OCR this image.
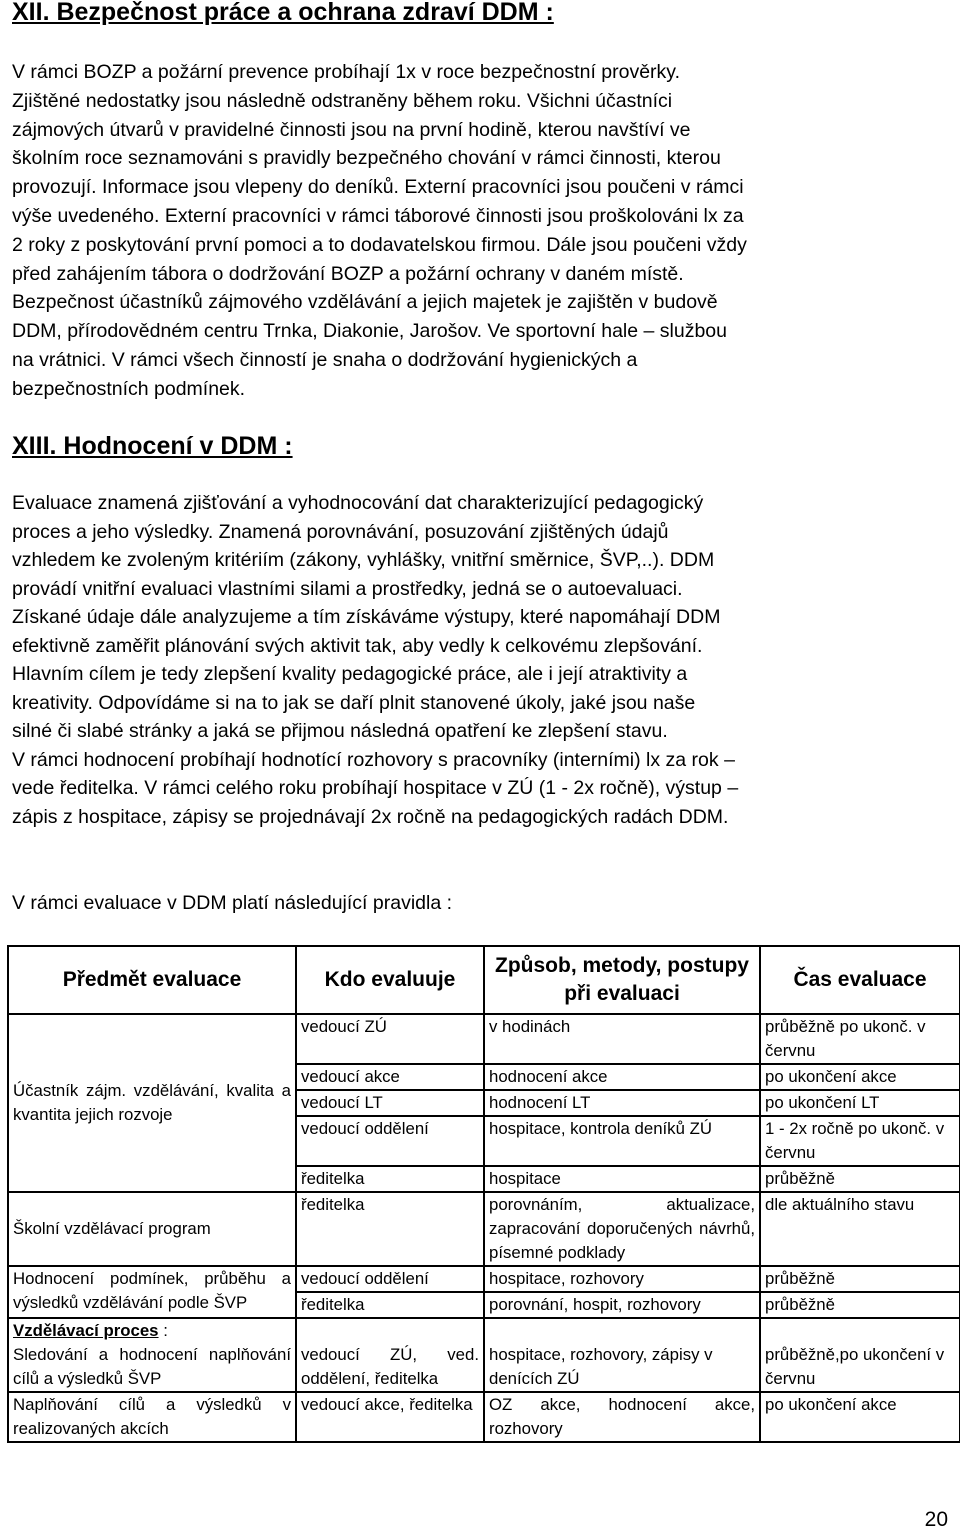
XII. Bezpečnost práce a ochrana zdraví DDM :
V rámci BOZP a požární prevence probíhají 1x v roce bezpečnostní prověrky.
Zjištěné nedostatky jsou následně odstraněny během roku. Všichni účastníci
zájmových útvarů v pravidelné činnosti jsou na první hodině, kterou navštíví ve
školním roce seznamováni s pravidly bezpečného chování v rámci činnosti, kterou
provozují. Informace jsou vlepeny do deníků. Externí pracovníci jsou poučeni v rámci
výše uvedeného. Externí pracovníci v rámci táborové činnosti jsou proškolováni lx za
2 roky z poskytování první pomoci a to dodavatelskou firmou. Dále jsou poučeni vždy
před zahájením tábora o dodržování BOZP a požární ochrany v daném místě.
Bezpečnost účastníků zájmového vzdělávání a jejich majetek je zajištěn v budově
DDM, přírodovědném centru Trnka, Diakonie, Jarošov. Ve sportovní hale – službou
na vrátnici. V rámci všech činností je snaha o dodržování hygienických a
bezpečnostních podmínek.
XIII. Hodnocení v DDM :
Evaluace znamená zjišťování a vyhodnocování dat charakterizující pedagogický
proces a jeho výsledky. Znamená porovnávání, posuzování zjištěných údajů
vzhledem ke zvoleným kritériím (zákony, vyhlášky, vnitřní směrnice, ŠVP,..). DDM
provádí vnitřní evaluaci vlastními silami a prostředky, jedná se o autoevaluaci.
Získané údaje dále analyzujeme a tím získáváme výstupy, které napomáhají DDM
efektivně zaměřit plánování svých aktivit tak, aby vedly k celkovému zlepšování.
Hlavním cílem je tedy zlepšení kvality pedagogické práce, ale i její atraktivity a
kreativity. Odpovídáme si na to jak se daří plnit stanovené úkoly, jaké jsou naše
silné či slabé stránky a jaká se přijmou následná opatření ke zlepšení stavu.
V rámci hodnocení probíhají hodnotící rozhovory s pracovníky (interními) lx za rok –
vede ředitelka. V rámci celého roku probíhají hospitace v ZÚ (1 - 2x ročně), výstup –
zápis z hospitace, zápisy se projednávají 2x ročně na pedagogických radách DDM.
V rámci evaluace v DDM platí následující pravidla :
Předmět evaluace	Kdo evaluuje	Způsob, metody, postupy při evaluaci	Čas evaluace
Účastník zájm. vzdělávání, kvalita a kvantita jejich rozvoje	vedoucí ZÚ	v hodinách	průběžně po ukonč. v červnu
	vedoucí akce	hodnocení akce	po ukončení akce
	vedoucí LT	hodnocení LT	po ukončení LT
	vedoucí oddělení	hospitace, kontrola deníků ZÚ	1 - 2x ročně po ukonč. v červnu
	ředitelka	hospitace	průběžně
Školní vzdělávací program	ředitelka	porovnáním, aktualizace, zapracování doporučených návrhů, písemné podklady	dle aktuálního stavu
Hodnocení podmínek, průběhu a výsledků vzdělávání podle ŠVP	vedoucí oddělení	hospitace, rozhovory	průběžně
	ředitelka	porovnání, hospit, rozhovory	průběžně
Vzdělávací proces :
Sledování a hodnocení naplňování cílů a výsledků ŠVP	vedoucí ZÚ, ved. oddělení, ředitelka	hospitace, rozhovory, zápisy v denících ZÚ	průběžně,po ukončení v červnu
Naplňování cílů a výsledků v realizovaných akcích	vedoucí akce, ředitelka	OZ akce, hodnocení akce, rozhovory	po ukončení akce
20
